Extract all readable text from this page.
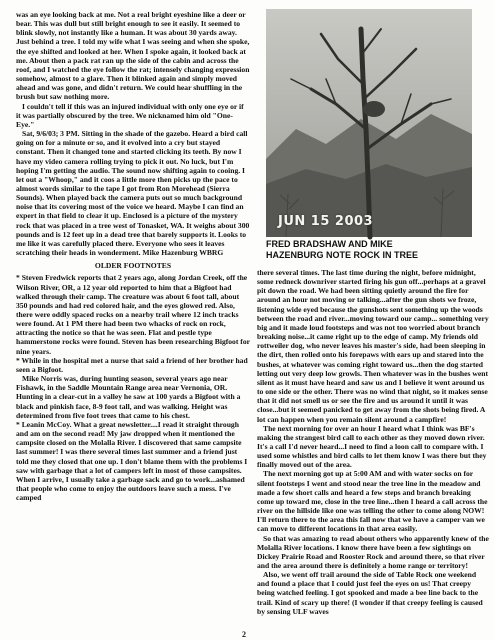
was an eye looking back at me. Not a real bright eyeshine like a deer or bear. This was dull but still bright enough to see it easily. It seemed to blink slowly, not instantly like a human. It was about 30 yards away. Just behind a tree. I told my wife what I was seeing and when she spoke, the eye shifted and looked at her. When I spoke again, it looked back at me. About then a pack rat ran up the side of the cabin and across the roof, and I watched the eye follow the rat; intensely changing expression somehow, almost to a glare. Then it blinked again and simply moved ahead and was gone, and didn't return. We could hear shuffling in the brush but saw nothing more.

I couldn't tell if this was an injured individual with only one eye or if it was partially obscured by the tree. We nicknamed him old "One-Eye."

Sat, 9/6/03; 3 PM. Sitting in the shade of the gazebo. Heard a bird call going on for a minute or so, and it evolved into a cry but stayed constant. Then it changed tone and started clicking its teeth. By now I have my video camera rolling trying to pick it out. No luck, but I'm hoping I'm getting the audio. The sound now shifting again to cooing. I let out a "Whoop," and it coos a little more then picks up the pace to almost words similar to the tape I got from Ron Morehead (Sierra Sounds). When played back the camera puts out so much background noise that its covering most of the voice we heard. Maybe I can find an expert in that field to clear it up. Enclosed is a picture of the mystery rock that was placed in a tree west of Tonasket, WA. It weighs about 300 pounds and is 12 feet up in a dead tree that barely supports it. Looks to me like it was carefully placed there. Everyone who sees it leaves scratching their heads in wonderment. Mike Hazenburg WBRG

OLDER FOOTNOTES

* Steven Fredwick reports that 2 years ago, along Jordan Creek, off the Wilson River, OR, a 12 year old reported to him that a Bigfoot had walked through their camp. The creature was about 6 foot tall, about 350 pounds and had red colored hair, and the eyes glowed red. Also, there were oddly spaced rocks on a nearby trail where 12 inch tracks were found. At 1 PM there had been two whacks of rock on rock, attracting the notice so that he was seen. Flat and pestle type hammerstone rocks were found. Steven has been researching Bigfoot for nine years.

* While in the hospital met a nurse that said a friend of her brother had seen a Bigfoot.

Mike Norris was, during hunting season, several years ago near Fishawk, in the Saddle Mountain Range area near Vernonia, OR. Hunting in a clear-cut in a valley he saw at 100 yards a Bigfoot with a black and pinkish face, 8-9 foot tall, and was walking. Height was determined from five foot trees that came to his chest.

* Leanin McCoy. What a great newsletter....I read it straight through and am on the second read! My jaw dropped when it mentioned the campsite closed on the Molalla River. I discovered that same campsite last summer! I was there several times last summer and a friend just told me they closed that one up. I don't blame them with the problems I saw with garbage that a lot of campers left in most of those campsites. When I arrive, I usually take a garbage sack and go to work...ashamed that people who come to enjoy the outdoors leave such a mess. I've camped

JUN 15 2003
FRED BRADSHAW AND MIKE
HAZENBURG NOTE ROCK IN TREE

there several times. The last time during the night, before midnight, some redneck downriver started firing his gun off...perhaps at a gravel pit down the road. We had been sitting quietly around the fire for around an hour not moving or talking...after the gun shots we froze, listening wide eyed because the gunshots sent something up the woods between the road and river...moving toward our camp... something very big and it made loud footsteps and was not too worried about branch breaking noise...it came right up to the edge of camp. My friends old rottweiler dog, who never leaves his master's side, had been sleeping in the dirt, then rolled onto his forepaws with ears up and stared into the bushes, at whatever was coming right toward us...then the dog started letting out very deep low growls. Then whatever was in the bushes went silent as it must have heard and saw us and I believe it went around us to one side or the other. There was no wind that night, so it makes sense that it did not smell us or see the fire and us around it until it was close...but it seemed panicked to get away from the shots being fired. A lot can happen when you remain silent around a campfire!

The next morning for over an hour I heard what I think was BF's making the strangest bird call to each other as they moved down river. It's a call I'd never heard...I need to find a loon call to compare with. I used some whistles and bird calls to let them know I was there but they finally moved out of the area.

The next morning got up at 5:00 AM and with water socks on for silent footsteps I went and stood near the tree line in the meadow and made a few short calls and heard a few steps and branch breaking come up toward me, close in the tree line...then I heard a call across the river on the hillside like one was telling the other to come along NOW! I'll return there to the area this fall now that we have a camper van we can move to different locations in that area easily.

So that was amazing to read about others who apparently knew of the Molalla River locations. I know there have been a few sightings on Dickey Prairie Road and Rooster Rock and around there, so that river and the area around there is definitely a home range or territory!

Also, we went off trail around the side of Table Rock one weekend and found a place that I could just feel the eyes on us! That creepy being watched feeling. I got spooked and made a bee line back to the trail. Kind of scary up there! (I wonder if that creepy feeling is caused by sensing ULF waves

2
